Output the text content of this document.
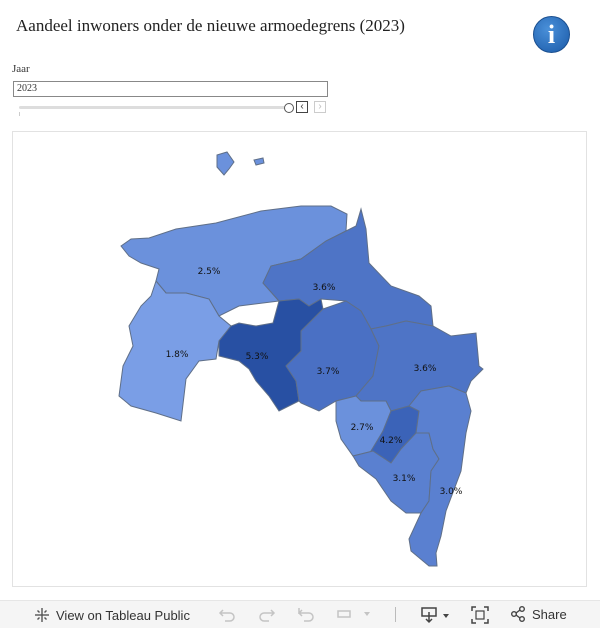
Aandeel inwoners onder de nieuwe armoedegrens (2023)	i
Jaar
2023
‹	›
2.5%
3.6%
1.8%	5.3%
3.7%	3.6%
2.7%
4.2%
3.1%
3.0%
View on Tableau Public	Share
